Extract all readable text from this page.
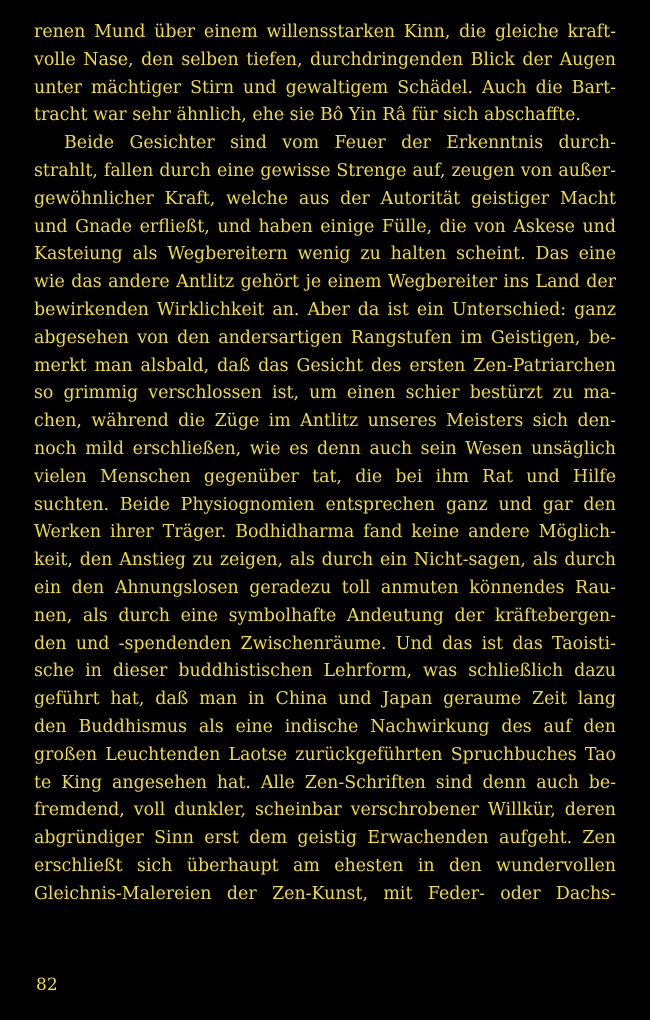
renen Mund über einem willensstarken Kinn, die gleiche kraft-
volle Nase, den selben tiefen, durchdringenden Blick der Augen
unter mächtiger Stirn und gewaltigem Schädel. Auch die Bart-
tracht war sehr ähnlich, ehe sie Bô Yin Râ für sich abschaffte.
Beide Gesichter sind vom Feuer der Erkenntnis durch-
strahlt, fallen durch eine gewisse Strenge auf, zeugen von außer-
gewöhnlicher Kraft, welche aus der Autorität geistiger Macht
und Gnade erfließt, und haben einige Fülle, die von Askese und
Kasteiung als Wegbereitern wenig zu halten scheint. Das eine
wie das andere Antlitz gehört je einem Wegbereiter ins Land der
bewirkenden Wirklichkeit an. Aber da ist ein Unterschied: ganz
abgesehen von den andersartigen Rangstufen im Geistigen, be-
merkt man alsbald, daß das Gesicht des ersten Zen-Patriarchen
so grimmig verschlossen ist, um einen schier bestürzt zu ma-
chen, während die Züge im Antlitz unseres Meisters sich den-
noch mild erschließen, wie es denn auch sein Wesen unsäglich
vielen Menschen gegenüber tat, die bei ihm Rat und Hilfe
suchten. Beide Physiognomien entsprechen ganz und gar den
Werken ihrer Träger. Bodhidharma fand keine andere Möglich-
keit, den Anstieg zu zeigen, als durch ein Nicht-sagen, als durch
ein den Ahnungslosen geradezu toll anmuten könnendes Rau-
nen, als durch eine symbolhafte Andeutung der kräftebergen-
den und -spendenden Zwischenräume. Und das ist das Taoisti-
sche in dieser buddhistischen Lehrform, was schließlich dazu
geführt hat, daß man in China und Japan geraume Zeit lang
den Buddhismus als eine indische Nachwirkung des auf den
großen Leuchtenden Laotse zurückgeführten Spruchbuches Tao
te King angesehen hat. Alle Zen-Schriften sind denn auch be-
fremdend, voll dunkler, scheinbar verschrobener Willkür, deren
abgründiger Sinn erst dem geistig Erwachenden aufgeht. Zen
erschließt sich überhaupt am ehesten in den wundervollen
Gleichnis-Malereien der Zen-Kunst, mit Feder- oder Dachs-
82
